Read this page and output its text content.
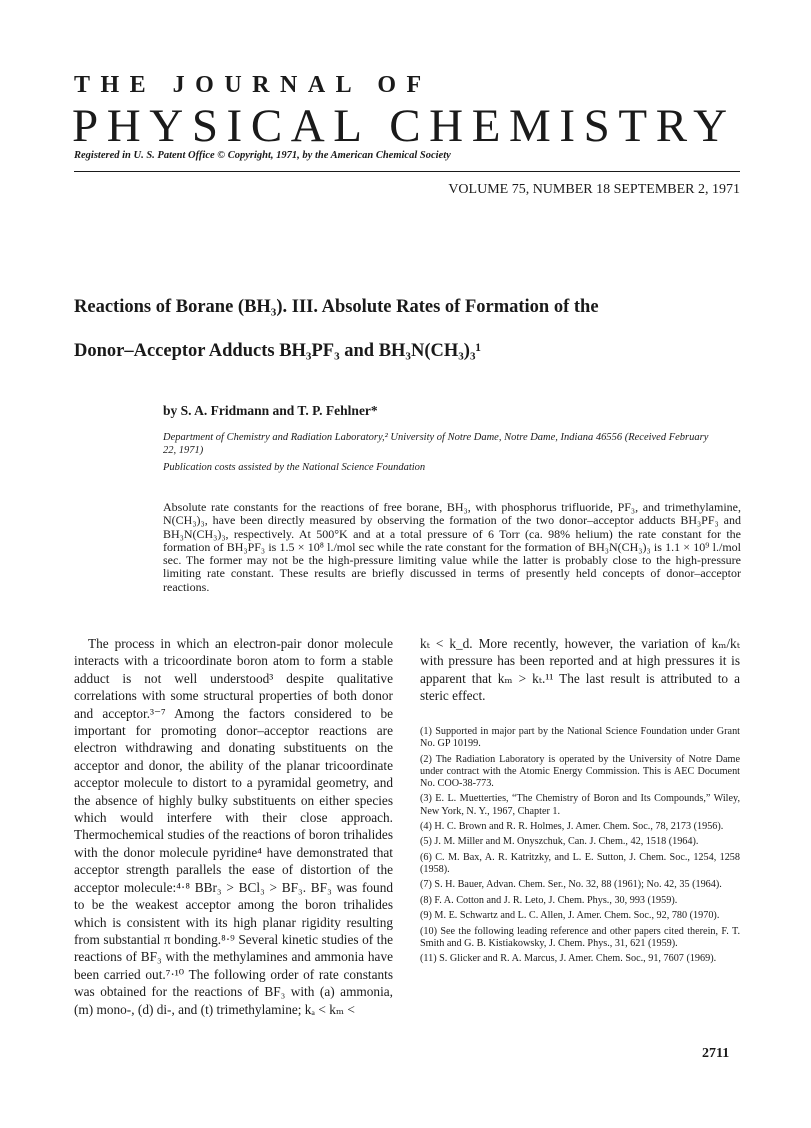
THE JOURNAL OF
PHYSICAL CHEMISTRY
Registered in U. S. Patent Office © Copyright, 1971, by the American Chemical Society
VOLUME 75, NUMBER 18 SEPTEMBER 2, 1971
Reactions of Borane (BH₃). III. Absolute Rates of Formation of the
Donor–Acceptor Adducts BH₃PF₃ and BH₃N(CH₃)₃¹
by S. A. Fridmann and T. P. Fehlner*
Department of Chemistry and Radiation Laboratory,² University of Notre Dame, Notre Dame, Indiana 46556 (Received February 22, 1971)
Publication costs assisted by the National Science Foundation
Absolute rate constants for the reactions of free borane, BH₃, with phosphorus trifluoride, PF₃, and trimethylamine, N(CH₃)₃, have been directly measured by observing the formation of the two donor–acceptor adducts BH₃PF₃ and BH₃N(CH₃)₃, respectively. At 500°K and at a total pressure of 6 Torr (ca. 98% helium) the rate constant for the formation of BH₃PF₃ is 1.5 × 10⁸ l./mol sec while the rate constant for the formation of BH₃N(CH₃)₃ is 1.1 × 10⁹ l./mol sec. The former may not be the high-pressure limiting value while the latter is probably close to the high-pressure limiting rate constant. These results are briefly discussed in terms of presently held concepts of donor–acceptor reactions.

The process in which an electron-pair donor molecule interacts with a tricoordinate boron atom to form a stable adduct is not well understood³ despite qualitative correlations with some structural properties of both donor and acceptor.³⁻⁷ Among the factors considered to be important for promoting donor–acceptor reactions are electron withdrawing and donating substituents on the acceptor and donor, the ability of the planar tricoordinate acceptor molecule to distort to a pyramidal geometry, and the absence of highly bulky substituents on either species which would interfere with their close approach. Thermochemical studies of the reactions of boron trihalides with the donor molecule pyridine⁴ have demonstrated that acceptor strength parallels the ease of distortion of the acceptor molecule:⁴·⁸ BBr₃ > BCl₃ > BF₃. BF₃ was found to be the weakest acceptor among the boron trihalides which is consistent with its high planar rigidity resulting from substantial π bonding.⁸·⁹ Several kinetic studies of the reactions of BF₃ with the methylamines and ammonia have been carried out.⁷·¹⁰ The following order of rate constants was obtained for the reactions of BF₃ with (a) ammonia, (m) mono-, (d) di-, and (t) trimethylamine; kₐ < kₘ <

kₜ < k_d. More recently, however, the variation of kₘ/kₜ with pressure has been reported and at high pressures it is apparent that kₘ > kₜ.¹¹ The last result is attributed to a steric effect.

(1) Supported in major part by the National Science Foundation under Grant No. GP 10199.

(2) The Radiation Laboratory is operated by the University of Notre Dame under contract with the Atomic Energy Commission. This is AEC Document No. COO-38-773.

(3) E. L. Muetterties, “The Chemistry of Boron and Its Compounds,” Wiley, New York, N. Y., 1967, Chapter 1.

(4) H. C. Brown and R. R. Holmes, J. Amer. Chem. Soc., 78, 2173 (1956).

(5) J. M. Miller and M. Onyszchuk, Can. J. Chem., 42, 1518 (1964).

(6) C. M. Bax, A. R. Katritzky, and L. E. Sutton, J. Chem. Soc., 1254, 1258 (1958).

(7) S. H. Bauer, Advan. Chem. Ser., No. 32, 88 (1961); No. 42, 35 (1964).

(8) F. A. Cotton and J. R. Leto, J. Chem. Phys., 30, 993 (1959).

(9) M. E. Schwartz and L. C. Allen, J. Amer. Chem. Soc., 92, 780 (1970).

(10) See the following leading reference and other papers cited therein, F. T. Smith and G. B. Kistiakowsky, J. Chem. Phys., 31, 621 (1959).

(11) S. Glicker and R. A. Marcus, J. Amer. Chem. Soc., 91, 7607 (1969).

2711
